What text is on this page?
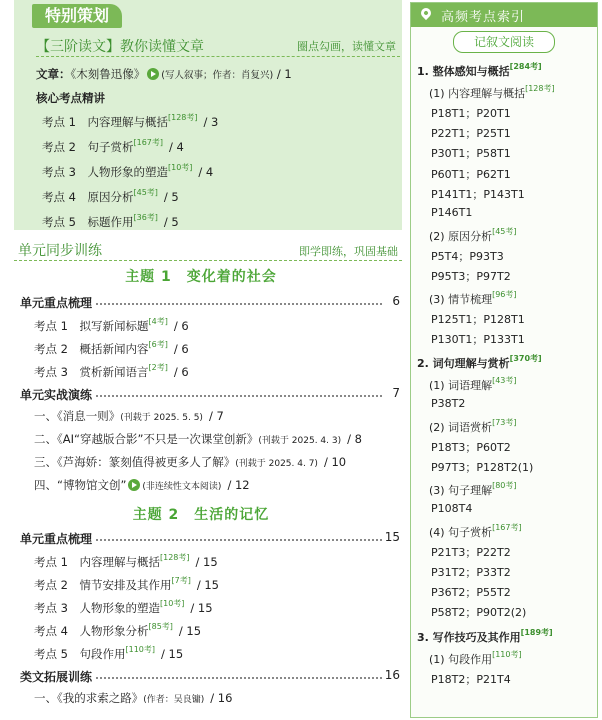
特别策划
【三阶读文】教你读懂文章	圈点勾画，读懂文章
文章：《木刻鲁迅像》 (写人叙事；作者：肖复兴) / 1
核心考点精讲
考点 1　内容理解与概括[128考] / 3
考点 2　句子赏析[167考] / 4
考点 3　人物形象的塑造[10考] / 4
考点 4　原因分析[45考] / 5
考点 5　标题作用[36考] / 5
单元同步训练	即学即练，巩固基础
主题 1　变化着的社会
单元重点梳理	6
考点 1　拟写新闻标题[4考] / 6
考点 2　概括新闻内容[6考] / 6
考点 3　赏析新闻语言[2考] / 6
单元实战演练	7
一、《消息一则》(刊载于 2025. 5. 5) / 7
二、《AI“穿越版合影”不只是一次课堂创新》(刊载于 2025. 4. 3) / 8
三、《芦海娇：篆刻值得被更多人了解》(刊载于 2025. 4. 7) / 10
四、“博物馆文创” (非连续性文本阅读) / 12
主题 2　生活的记忆
单元重点梳理	15
考点 1　内容理解与概括[128考] / 15
考点 2　情节安排及其作用[7考] / 15
考点 3　人物形象的塑造[10考] / 15
考点 4　人物形象分析[85考] / 15
考点 5　句段作用[110考] / 15
类文拓展训练	16
一、《我的求索之路》(作者：吴良镛) / 16
高频考点索引
记叙文阅读
1. 整体感知与概括[284考]
(1) 内容理解与概括[128考]
P18T1；P20T1
P22T1；P25T1
P30T1；P58T1
P60T1；P62T1
P141T1；P143T1
P146T1
(2) 原因分析[45考]
P5T4；P93T3
P95T3；P97T2
(3) 情节梳理[96考]
P125T1；P128T1
P130T1；P133T1
2. 词句理解与赏析[370考]
(1) 词语理解[43考]
P38T2
(2) 词语赏析[73考]
P18T3；P60T2
P97T3；P128T2(1)
(3) 句子理解[80考]
P108T4
(4) 句子赏析[167考]
P21T3；P22T2
P31T2；P33T2
P36T2；P55T2
P58T2；P90T2(2)
3. 写作技巧及其作用[189考]
(1) 句段作用[110考]
P18T2；P21T4
